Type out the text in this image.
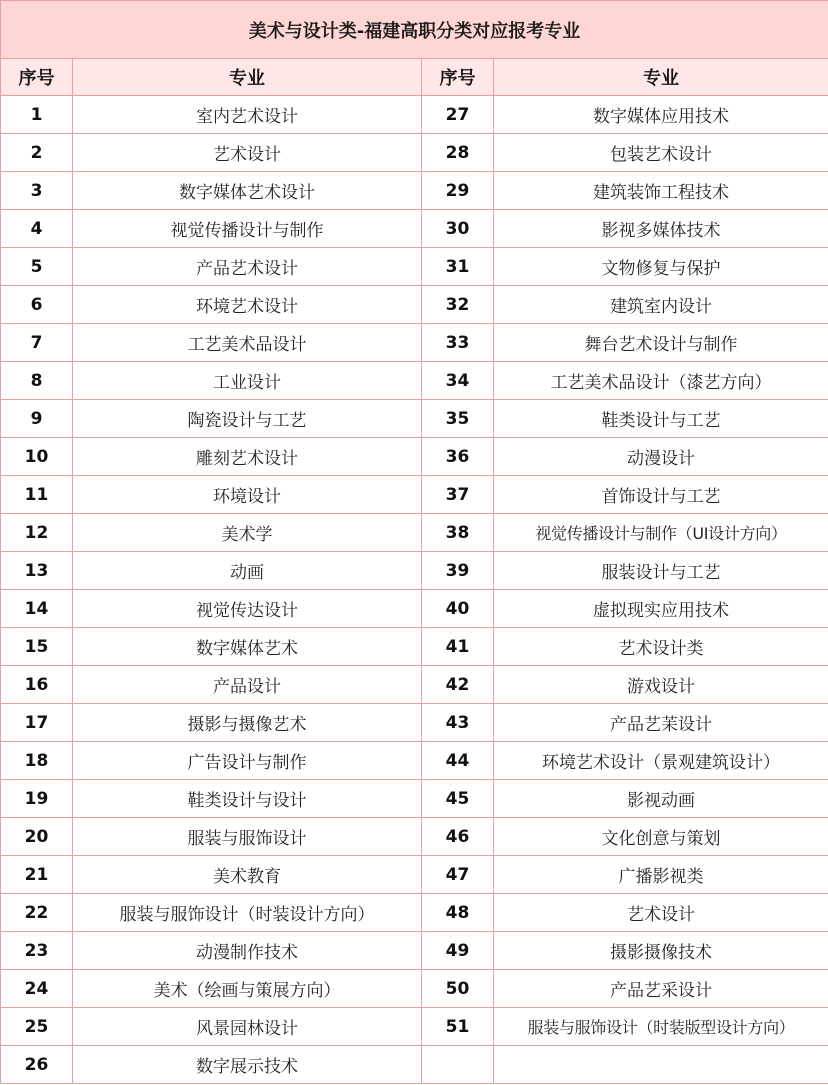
美术与设计类-福建高职分类对应报考专业			
序号	专业	序号	专业
1	室内艺术设计	27	数字媒体应用技术
2	艺术设计	28	包装艺术设计
3	数字媒体艺术设计	29	建筑装饰工程技术
4	视觉传播设计与制作	30	影视多媒体技术
5	产品艺术设计	31	文物修复与保护
6	环境艺术设计	32	建筑室内设计
7	工艺美术品设计	33	舞台艺术设计与制作
8	工业设计	34	工艺美术品设计（漆艺方向）
9	陶瓷设计与工艺	35	鞋类设计与工艺
10	雕刻艺术设计	36	动漫设计
11	环境设计	37	首饰设计与工艺
12	美术学	38	视觉传播设计与制作（UI设计方向）
13	动画	39	服装设计与工艺
14	视觉传达设计	40	虚拟现实应用技术
15	数字媒体艺术	41	艺术设计类
16	产品设计	42	游戏设计
17	摄影与摄像艺术	43	产品艺苿设计
18	广告设计与制作	44	环境艺术设计（景观建筑设计）
19	鞋类设计与设计	45	影视动画
20	服装与服饰设计	46	文化创意与策划
21	美术教育	47	广播影视类
22	服装与服饰设计（时装设计方向）	48	艺术设计
23	动漫制作技术	49	摄影摄像技术
24	美术（绘画与策展方向）	50	产品艺采设计
25	风景园林设计	51	服装与服饰设计（时装版型设计方向）
26	数字展示技术		
